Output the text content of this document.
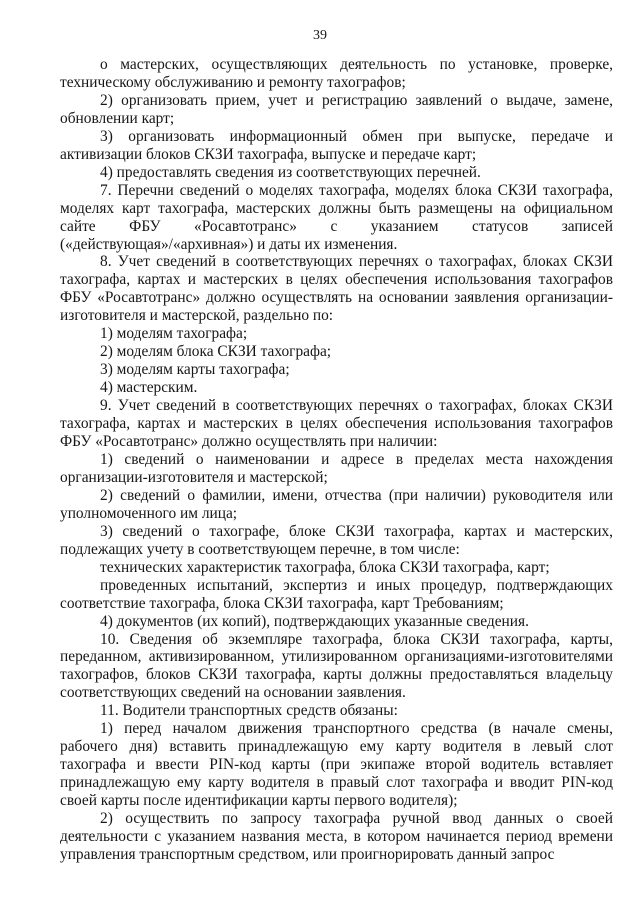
39

о мастерских, осуществляющих деятельность по установке, проверке, техническому обслуживанию и ремонту тахографов;

2) организовать прием, учет и регистрацию заявлений о выдаче, замене, обновлении карт;

3) организовать информационный обмен при выпуске, передаче и активизации блоков СКЗИ тахографа, выпуске и передаче карт;

4) предоставлять сведения из соответствующих перечней.

7. Перечни сведений о моделях тахографа, моделях блока СКЗИ тахографа, моделях карт тахографа, мастерских должны быть размещены на официальном сайте ФБУ «Росавтотранс» с указанием статусов записей («действующая»/«архивная») и даты их изменения.

8. Учет сведений в соответствующих перечнях о тахографах, блоках СКЗИ тахографа, картах и мастерских в целях обеспечения использования тахографов ФБУ «Росавтотранс» должно осуществлять на основании заявления организации-изготовителя и мастерской, раздельно по:

1) моделям тахографа;

2) моделям блока СКЗИ тахографа;

3) моделям карты тахографа;

4) мастерским.

9. Учет сведений в соответствующих перечнях о тахографах, блоках СКЗИ тахографа, картах и мастерских в целях обеспечения использования тахографов ФБУ «Росавтотранс» должно осуществлять при наличии:

1) сведений о наименовании и адресе в пределах места нахождения организации-изготовителя и мастерской;

2) сведений о фамилии, имени, отчества (при наличии) руководителя или уполномоченного им лица;

3) сведений о тахографе, блоке СКЗИ тахографа, картах и мастерских, подлежащих учету в соответствующем перечне, в том числе:

технических характеристик тахографа, блока СКЗИ тахографа, карт;

проведенных испытаний, экспертиз и иных процедур, подтверждающих соответствие тахографа, блока СКЗИ тахографа, карт Требованиям;

4) документов (их копий), подтверждающих указанные сведения.

10. Сведения об экземпляре тахографа, блока СКЗИ тахографа, карты, переданном, активизированном, утилизированном организациями-изготовителями тахографов, блоков СКЗИ тахографа, карты должны предоставляться владельцу соответствующих сведений на основании заявления.

11. Водители транспортных средств обязаны:

1) перед началом движения транспортного средства (в начале смены, рабочего дня) вставить принадлежащую ему карту водителя в левый слот тахографа и ввести PIN-код карты (при экипаже второй водитель вставляет принадлежащую ему карту водителя в правый слот тахографа и вводит PIN-код своей карты после идентификации карты первого водителя);

2) осуществить по запросу тахографа ручной ввод данных о своей деятельности с указанием названия места, в котором начинается период времени управления транспортным средством, или проигнорировать данный запрос
